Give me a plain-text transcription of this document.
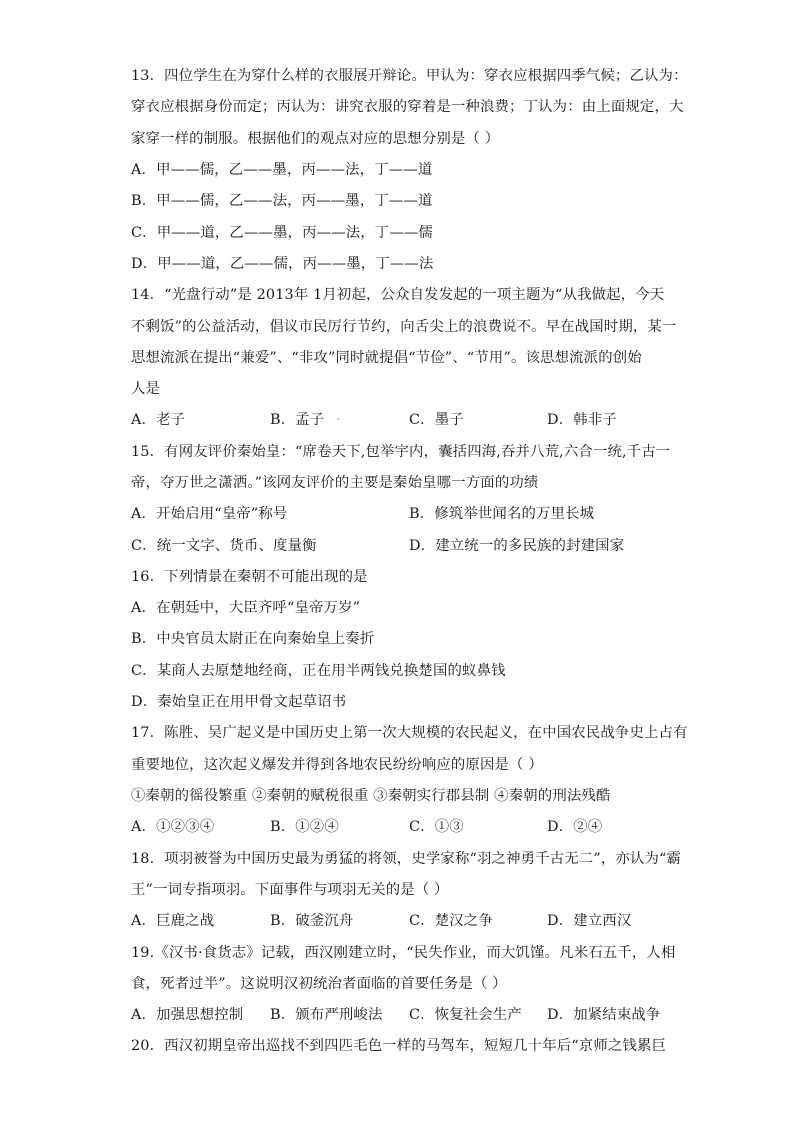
13．四位学生在为穿什么样的衣服展开辩论。甲认为：穿衣应根据四季气候；乙认为：
穿衣应根据身份而定；丙认为：讲究衣服的穿着是一种浪费；丁认为：由上面规定，大
家穿一样的制服。根据他们的观点对应的思想分别是（ ）
A．甲——儒，乙——墨，丙——法，丁——道
B．甲——儒，乙——法，丙——墨，丁——道
C．甲——道，乙——墨，丙——法，丁——儒
D．甲——道，乙——儒，丙——墨，丁——法
14．“光盘行动”是 2013年 1月初起，公众自发发起的一项主题为“从我做起，今天
不剩饭”的公益活动，倡议市民厉行节约，向舌尖上的浪费说不。早在战国时期，某一
思想流派在提出“兼爱”、“非攻”同时就提倡“节俭”、“节用”。该思想流派的创始
人是
A．老子	B．孟子	C．墨子	D．韩非子
15．有网友评价秦始皇：“席卷天下,包举宇内，囊括四海,吞并八荒,六合一统,千古一
帝，夺万世之潇洒。”该网友评价的主要是秦始皇哪一方面的功绩
A．开始启用“皇帝”称号	B．修筑举世闻名的万里长城
C．统一文字、货币、度量衡	D．建立统一的多民族的封建国家
16．下列情景在秦朝不可能出现的是
A．在朝廷中，大臣齐呼“皇帝万岁”
B．中央官员太尉正在向秦始皇上奏折
C．某商人去原楚地经商，正在用半两钱兑换楚国的蚁鼻钱
D．秦始皇正在用甲骨文起草诏书
17．陈胜、吴广起义是中国历史上第一次大规模的农民起义，在中国农民战争史上占有
重要地位，这次起义爆发并得到各地农民纷纷响应的原因是（ ）
①秦朝的徭役繁重 ②秦朝的赋税很重 ③秦朝实行郡县制 ④秦朝的刑法残酷
A．①②③④	B．①②④	C．①③	D．②④
18．项羽被誉为中国历史最为勇猛的将领，史学家称“羽之神勇千古无二”，亦认为“霸
王”一词专指项羽。下面事件与项羽无关的是（ ）
A．巨鹿之战	B．破釜沉舟	C．楚汉之争	D．建立西汉
19.《汉书·食货志》记载，西汉刚建立时，“民失作业，而大饥馑。凡米石五千，人相
食，死者过半”。这说明汉初统治者面临的首要任务是（ ）
A．加强思想控制 B．颁布严刑峻法 C．恢复社会生产 D．加紧结束战争
20．西汉初期皇帝出巡找不到四匹毛色一样的马驾车，短短几十年后“京师之钱累巨
